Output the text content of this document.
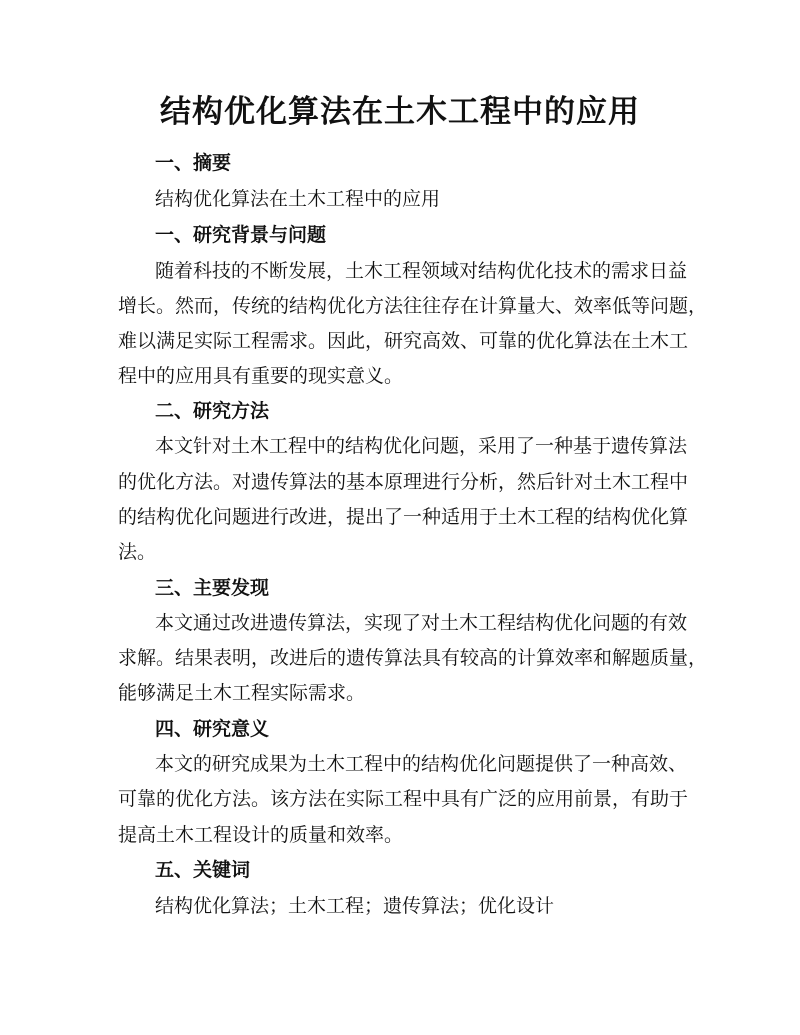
结构优化算法在土木工程中的应用
一、摘要

结构优化算法在土木工程中的应用

一、研究背景与问题

随着科技的不断发展，土木工程领域对结构优化技术的需求日益

增长。然而，传统的结构优化方法往往存在计算量大、效率低等问题，

难以满足实际工程需求。因此，研究高效、可靠的优化算法在土木工

程中的应用具有重要的现实意义。

二、研究方法

本文针对土木工程中的结构优化问题，采用了一种基于遗传算法

的优化方法。对遗传算法的基本原理进行分析，然后针对土木工程中

的结构优化问题进行改进，提出了一种适用于土木工程的结构优化算

法。

三、主要发现

本文通过改进遗传算法，实现了对土木工程结构优化问题的有效

求解。结果表明，改进后的遗传算法具有较高的计算效率和解题质量，

能够满足土木工程实际需求。

四、研究意义

本文的研究成果为土木工程中的结构优化问题提供了一种高效、

可靠的优化方法。该方法在实际工程中具有广泛的应用前景，有助于

提高土木工程设计的质量和效率。

五、关键词

结构优化算法；土木工程；遗传算法；优化设计
